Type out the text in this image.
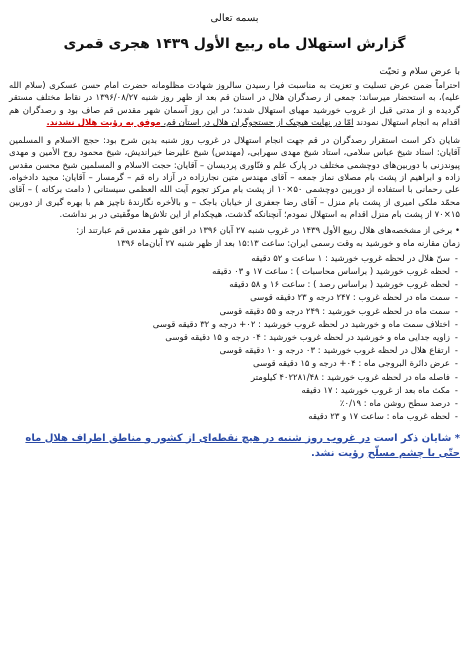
بسمه تعالی
گزارش استهلال ماه ربیع الأول ۱۴۳۹ هجری قمری
با عرض سلام و تحیّت
احتراماً ضمن عرض تسلیت و تعزیت به مناسبت فرا رسیدن سالروز شهادت مظلومانه حضرت امام حسن عسکری (سلام الله علیه)، به استحضار میرساند: جمعی از رصدگران هلال در استان قم بعد از ظهر روز شنبه ۱۳۹۶/۰۸/۲۷ در نقاط مختلف مستقر گردیده و از مدتی قبل از غروب خورشید مهیای استهلال شدند؛ در این روز آسمان شهر مقدس قم صاف بود و رصدگران هم اقدام به انجام استهلال نمودند امّا در نهایت هیچیک از جستجوگران هلال در استان قم، موفق به رؤیت هلال نشدند.
شایان ذکر است استقرار رصدگران در قم جهت انجام استهلال در غروب روز شنبه بدین شرح بود: حجج الاسلام و المسلمین آقایان: استاد شیخ عباس سلامی، استاد شیخ مهدی سهرابی، (مهندس) شیخ علیرضا خیراندیش، شیخ محمود روح الأمین و مهدی پیوندزنی با دوربین‌های دوچشمی مختلف در پارک علم و فنّاوری پردیسان – آقایان: حجت الاسلام و المسلمین شیخ محسن مقدس زاده و ابراهیم از پشت بام مصلای نماز جمعه – آقای مهندس متین نجارزاده در آزاد راه قم – گرمسار – آقایان: مجید دادخواه، علی رحمانی با استفاده از دوربین دوچشمی ۵۰×۱۰ از پشت بام مرکز تجوم آیت الله العظمی سیستانی ( دامت برکاته ) – آقای محمّد ملکی امیری از پشت بام منزل – آقای رضا جعفری از خیابان باجک – و بالأخره نگارندۀ ناچیز هم با بهره گیری از دوربین ۱۵×۷۰ از پشت بام منزل اقدام به استهلال نمودم؛ آنچنانکه گذشت، هیچکدام از این تلاش‌ها موفّقیتی در بر نداشت.
• برخی از مشخصه‌های هلال ربیع الأول ۱۴۳۹ در غروب شنبه ۲۷ آبان ۱۳۹۶ در افق شهر مقدس قم عبارتند از:
زمان مقارنه ماه و خورشید به وقت رسمی ایران: ساعت ۱۵:۱۳ بعد از ظهر شنبه ۲۷ آبان‌ماه ۱۳۹۶
- سنّ هلال در لحظه غروب خورشید : ۱ ساعت و ۵۲ دقیقه
- لحظه غروب خورشید ( براساس محاسبات ) : ساعت ۱۷ و ۰۳ دقیقه
- لحظه غروب خورشید ( براساس رصد ) : ساعت ۱۶ و ۵۸ دقیقه
- سمت ماه در لحظه غروب : ۲۴۷ درجه و ۲۳ دقیقه قوسی
- سمت ماه در لحظه غروب خورشید : ۲۴۹ درجه و ۵۵ دقیقه قوسی
- اختلاف سمت ماه و خورشید در لحظه غروب خورشید : ۰۲+ درجه و ۳۲ دقیقه قوسی
- زاویه جدایی ماه و خورشید در لحظه غروب خورشید : ۰۴ درجه و ۱۵ دقیقه قوسی
- ارتفاع هلال در لحظه غروب خورشید : ۰۳ درجه و ۱۰ دقیقه قوسی
- عرض دائرة البروجی ماه : ۰۴+ درجه و ۱۵ دقیقه قوسی
- فاصله ماه در لحظه غروب خورشید : ۴۰۲۲۸۱/۴۸ کیلومتر
- مکث ماه بعد از غروب خورشید : ۱۷ دقیقه
- درصد سطح روشن ماه : ۰/۱۹٪
- لحظه غروب ماه : ساعت ۱۷ و ۲۳ دقیقه
* شایان ذکر است در غروب روز شنبه در هیچ نقطه‌ای از کشور و مناطق اطراف هلال ماه حتّی با چشم مسلّح رؤیت نشد.
